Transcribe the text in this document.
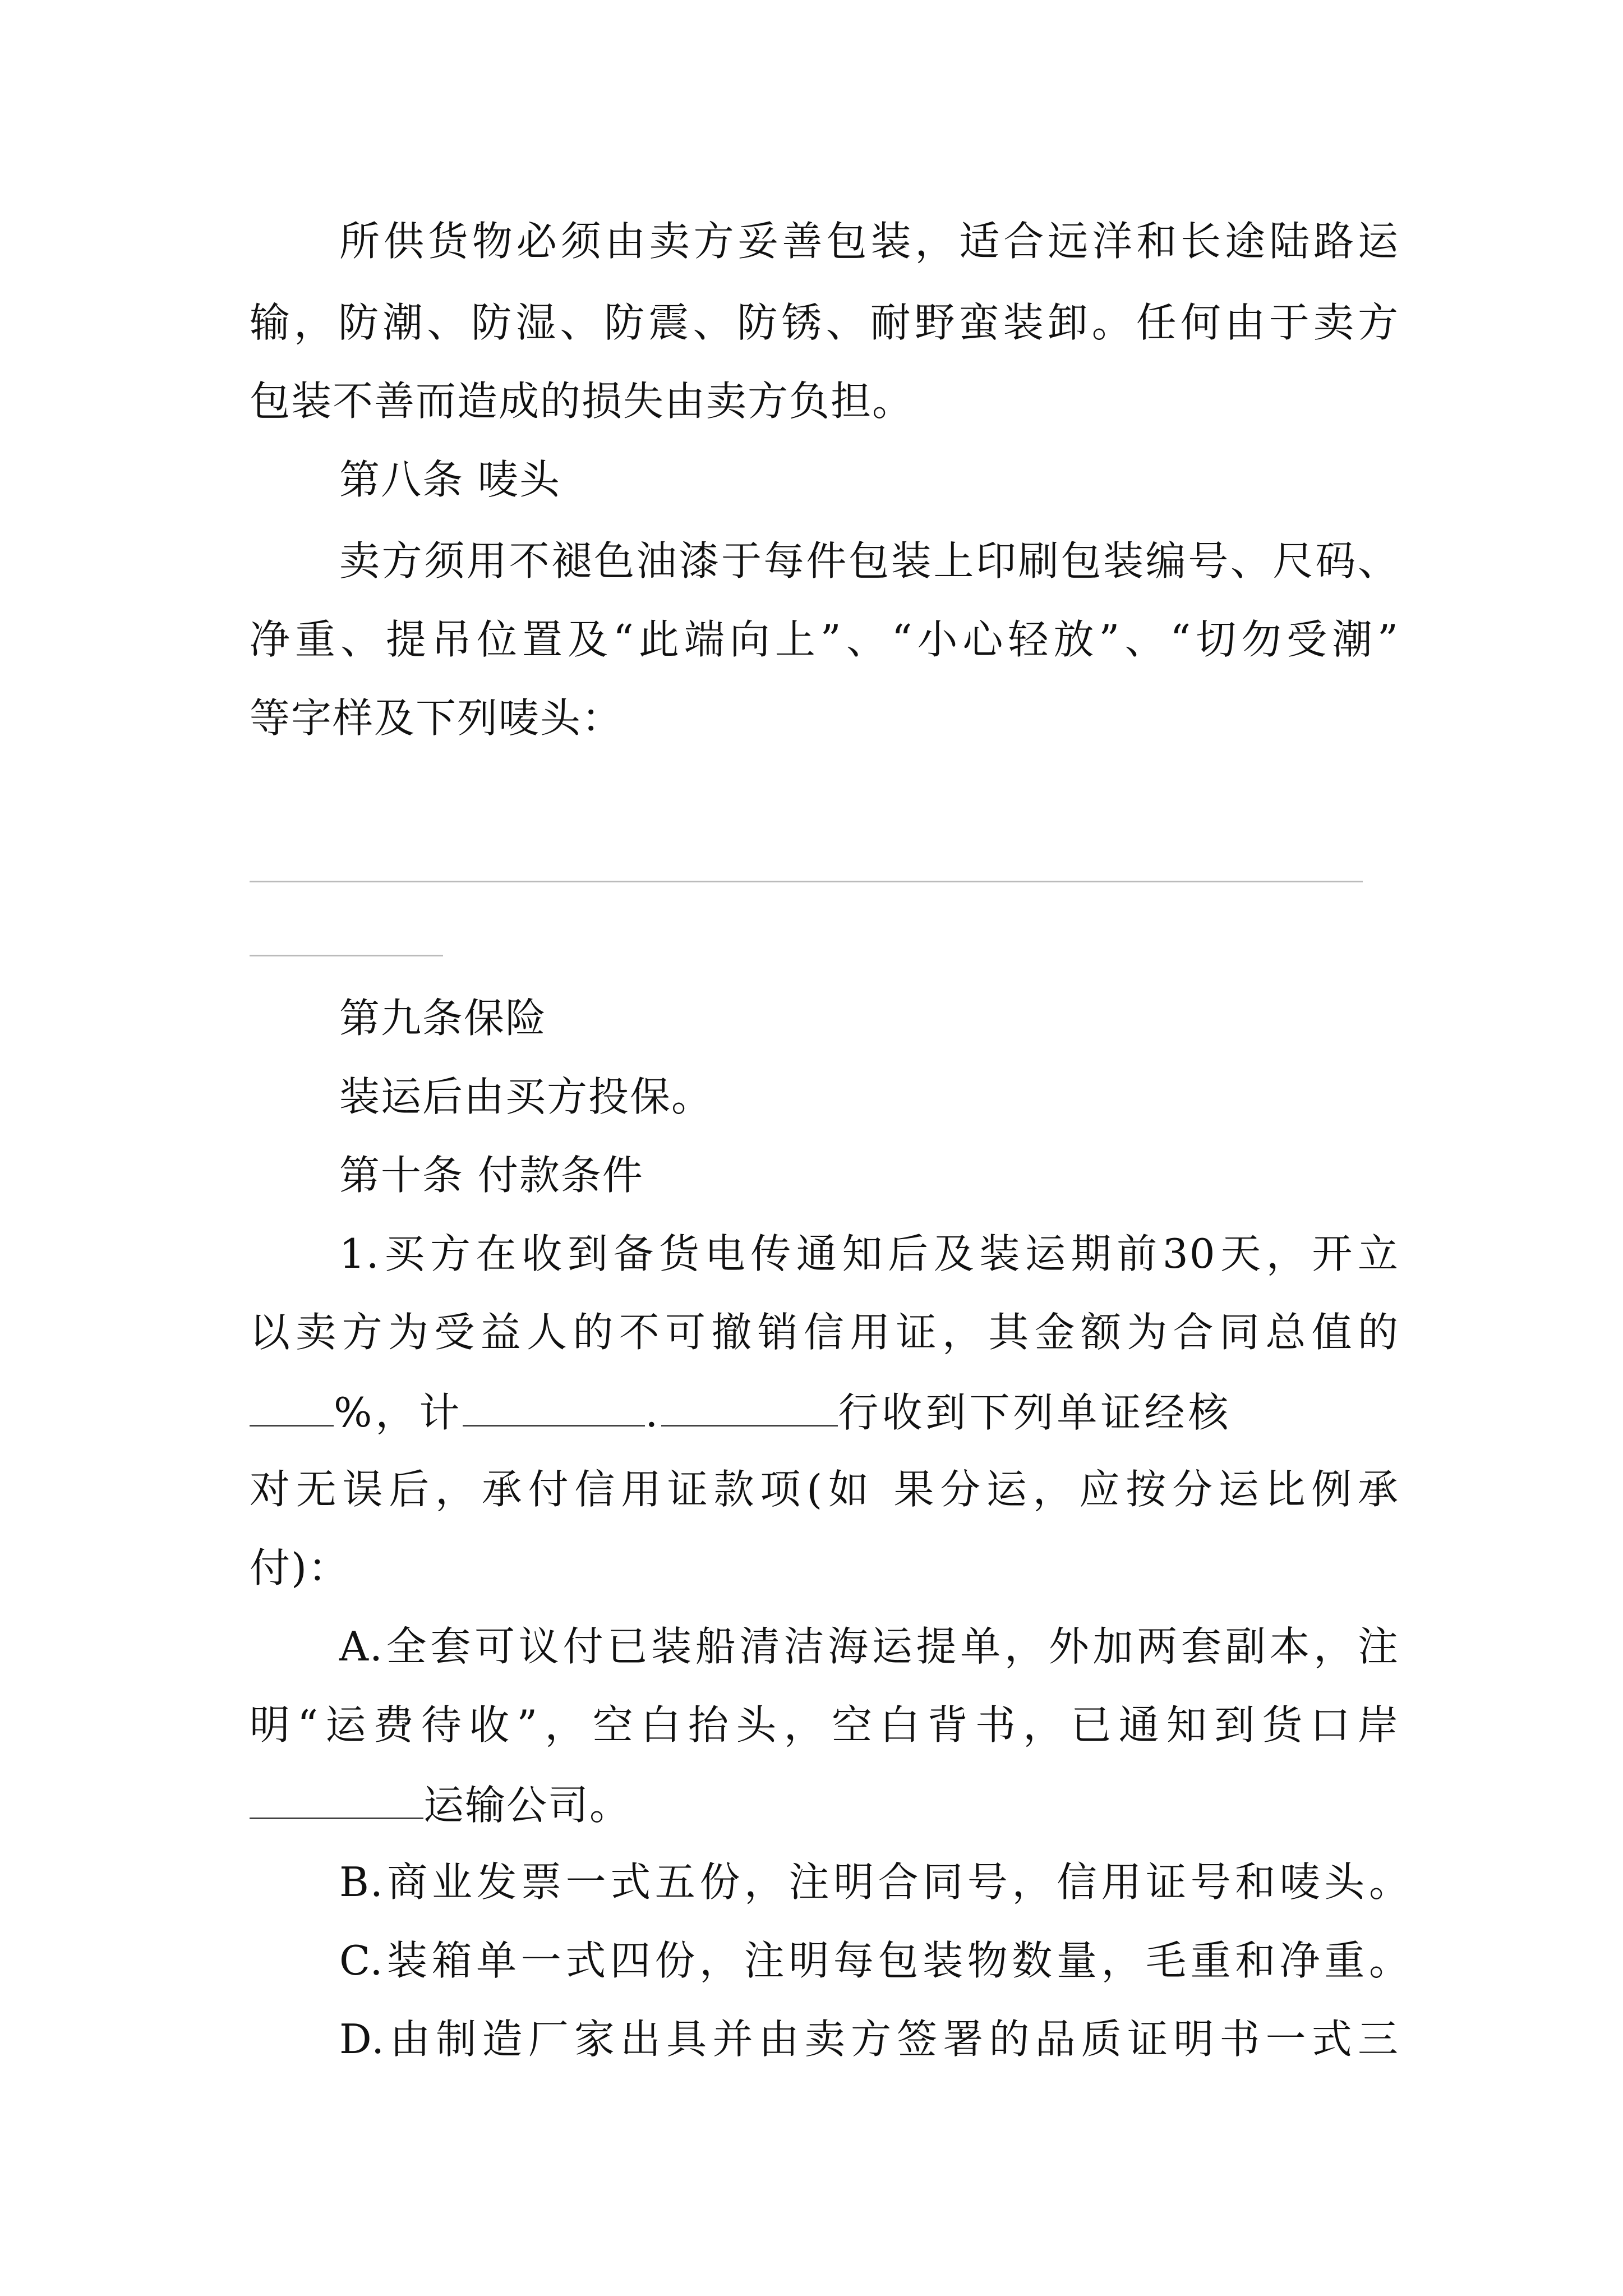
所供货物必须由卖方妥善包装，适合远洋和长途陆路运
输，防潮、防湿、防震、防锈、耐野蛮装卸。任何由于卖方
包装不善而造成的损失由卖方负担。
第八条 唛头
卖方须用不褪色油漆于每件包装上印刷包装编号、尺码、
净重、提吊位置及“此端向上”、“小心轻放”、“切勿受潮”
等字样及下列唛头：
第九条保险
装运后由买方投保。
第十条 付款条件
1.买方在收到备货电传通知后及装运期前30天，开立
以卖方为受益人的不可撤销信用证，其金额为合同总值的
%，计	.	行收到下列单证经核
对无误后，承付信用证款项(如 果分运，应按分运比例承
付)：
A.全套可议付已装船清洁海运提单，外加两套副本，注
明“运费待收”，空白抬头，空白背书，已通知到货口岸
运输公司。
B.商业发票一式五份，注明合同号，信用证号和唛头。
C.装箱单一式四份，注明每包装物数量，毛重和净重。
D.由制造厂家出具并由卖方签署的品质证明书一式三
